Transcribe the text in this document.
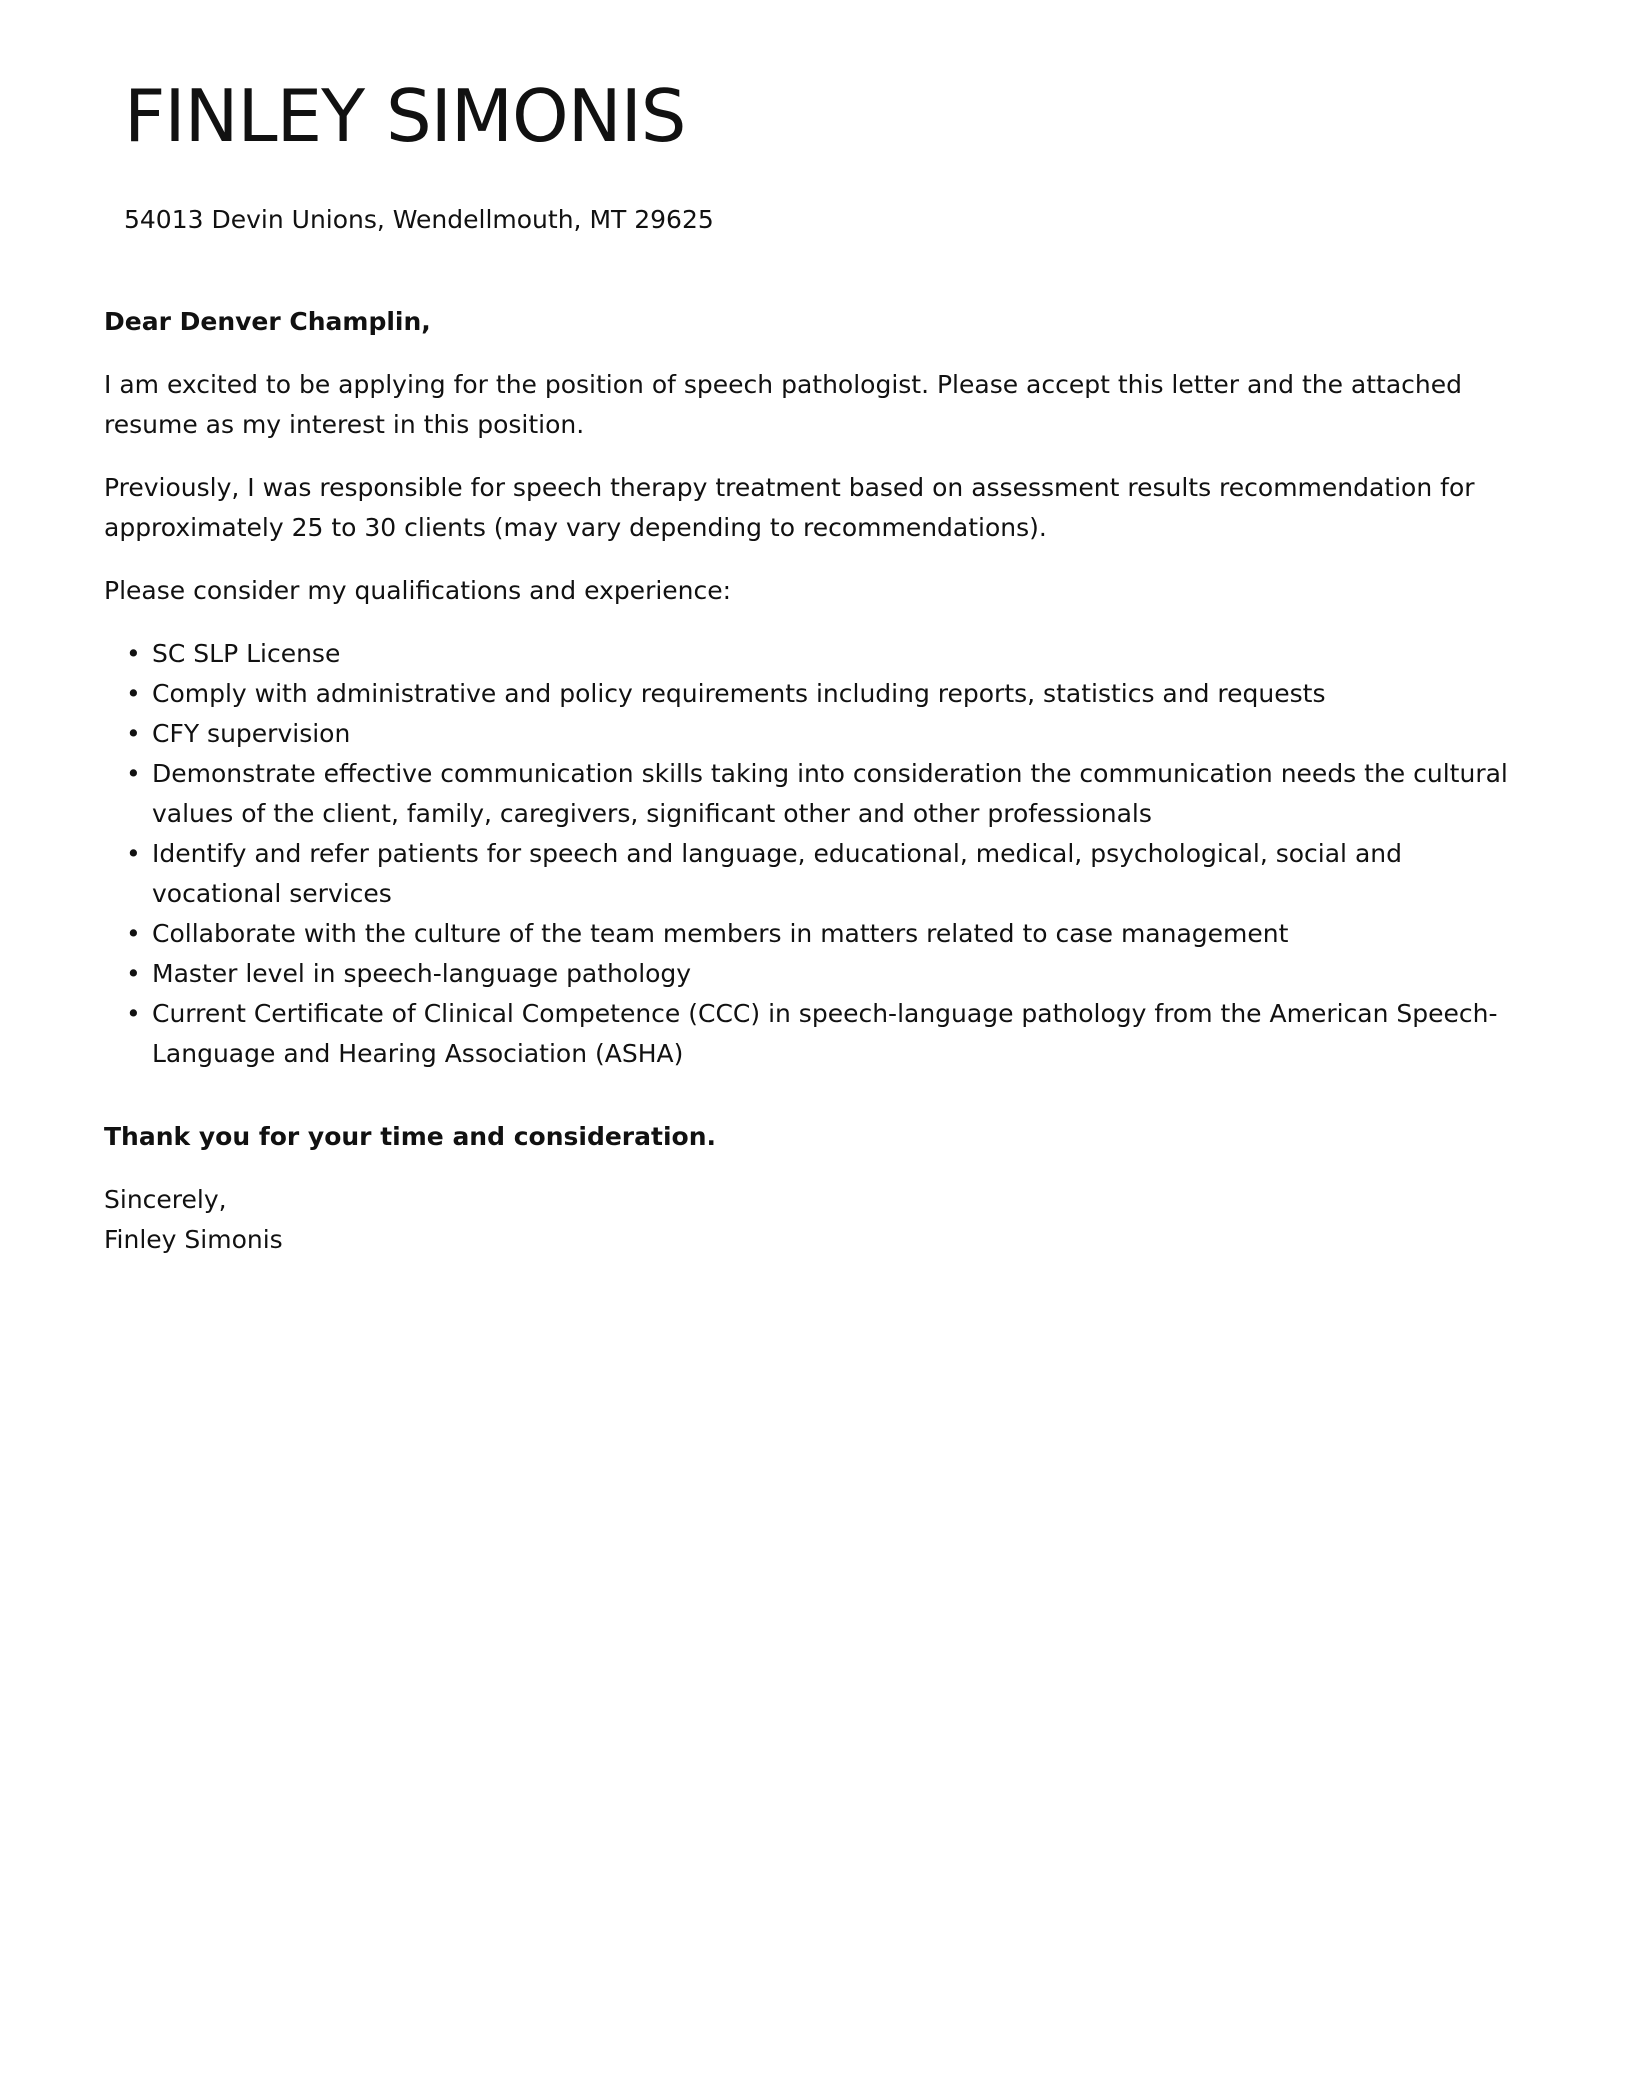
FINLEY SIMONIS
54013 Devin Unions, Wendellmouth, MT 29625

Dear Denver Champlin,

I am excited to be applying for the position of speech pathologist. Please accept this letter and the attached resume as my interest in this position.

Previously, I was responsible for speech therapy treatment based on assessment results recommendation for approximately 25 to 30 clients (may vary depending to recommendations).

Please consider my qualifications and experience:

• SC SLP License
• Comply with administrative and policy requirements including reports, statistics and requests
• CFY supervision
• Demonstrate effective communication skills taking into consideration the communication needs the cultural values of the client, family, caregivers, significant other and other professionals
• Identify and refer patients for speech and language, educational, medical, psychological, social and vocational services
• Collaborate with the culture of the team members in matters related to case management
• Master level in speech-language pathology
• Current Certificate of Clinical Competence (CCC) in speech-language pathology from the American Speech-Language and Hearing Association (ASHA)

Thank you for your time and consideration.

Sincerely,
Finley Simonis
